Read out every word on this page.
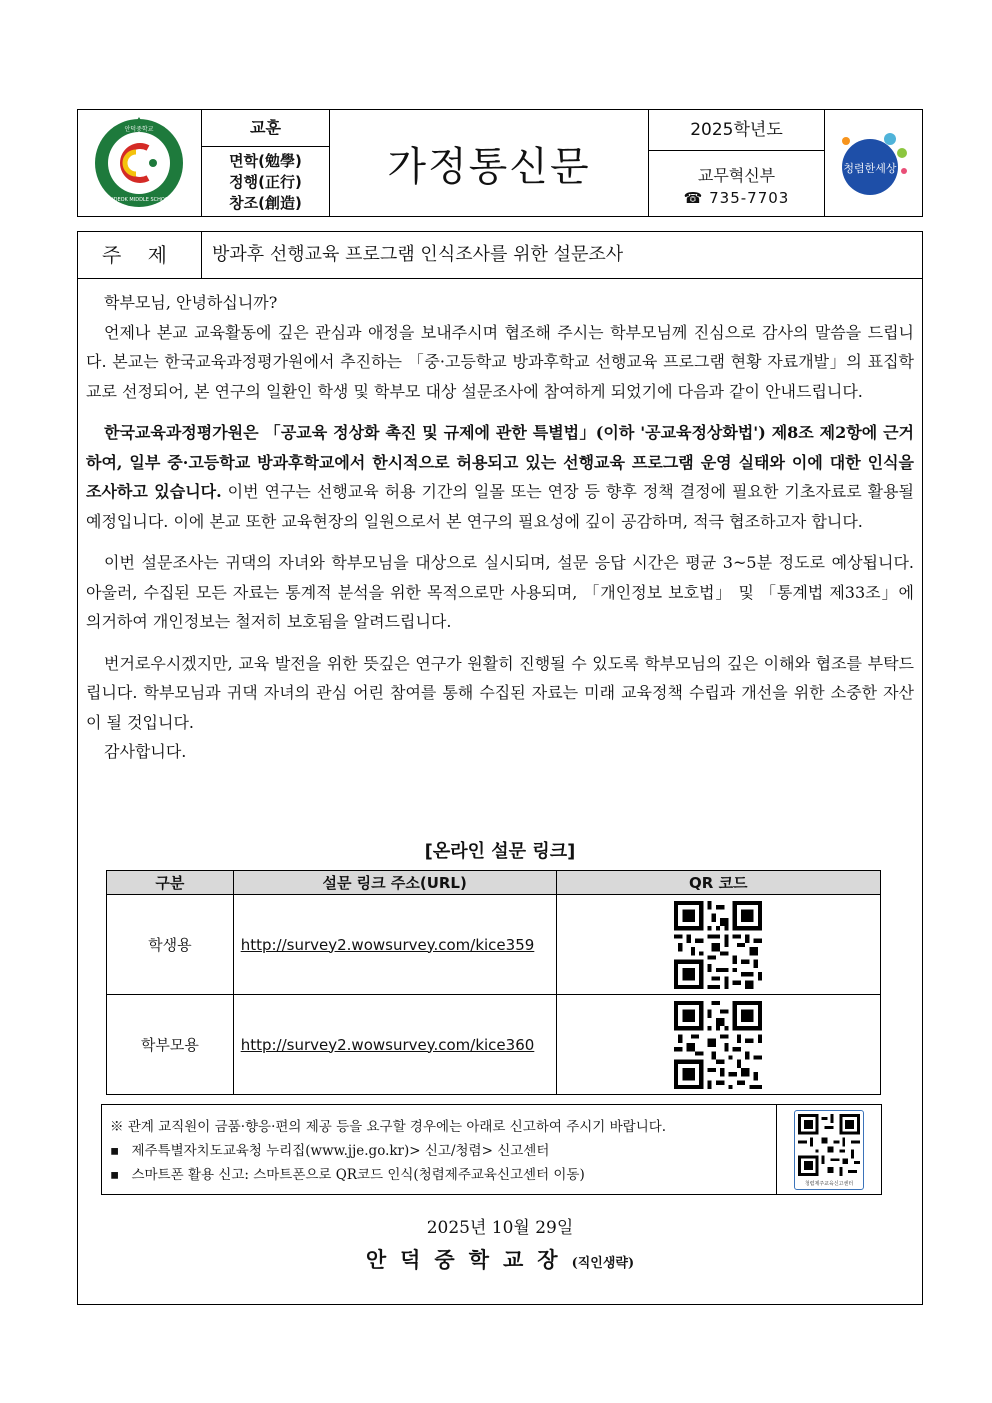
안덕중학교
ANDEOK MIDDLE SCHOOL
교훈
면학(勉學)
정행(正行)
창조(創造)
가정통신문
2025학년도
교무혁신부
☎ 735-7703
청렴한세상
주 제	방과후 선행교육 프로그램 인식조사를 위한 설문조사

학부모님, 안녕하십니까?

언제나 본교 교육활동에 깊은 관심과 애정을 보내주시며 협조해 주시는 학부모님께 진심으로 감사의 말씀을 드립니다. 본교는 한국교육과정평가원에서 추진하는 「중·고등학교 방과후학교 선행교육 프로그램 현황 자료개발」의 표집학교로 선정되어, 본 연구의 일환인 학생 및 학부모 대상 설문조사에 참여하게 되었기에 다음과 같이 안내드립니다.

한국교육과정평가원은 「공교육 정상화 촉진 및 규제에 관한 특별법」(이하 '공교육정상화법') 제8조 제2항에 근거하여, 일부 중·고등학교 방과후학교에서 한시적으로 허용되고 있는 선행교육 프로그램 운영 실태와 이에 대한 인식을 조사하고 있습니다. 이번 연구는 선행교육 허용 기간의 일몰 또는 연장 등 향후 정책 결정에 필요한 기초자료로 활용될 예정입니다. 이에 본교 또한 교육현장의 일원으로서 본 연구의 필요성에 깊이 공감하며, 적극 협조하고자 합니다.

이번 설문조사는 귀댁의 자녀와 학부모님을 대상으로 실시되며, 설문 응답 시간은 평균 3~5분 정도로 예상됩니다. 아울러, 수집된 모든 자료는 통계적 분석을 위한 목적으로만 사용되며, 「개인정보 보호법」 및 「통계법 제33조」에 의거하여 개인정보는 철저히 보호됨을 알려드립니다.

번거로우시겠지만, 교육 발전을 위한 뜻깊은 연구가 원활히 진행될 수 있도록 학부모님의 깊은 이해와 협조를 부탁드립니다. 학부모님과 귀댁 자녀의 관심 어린 참여를 통해 수집된 자료는 미래 교육정책 수립과 개선을 위한 소중한 자산이 될 것입니다.

감사합니다.

[온라인 설문 링크]
구분	설문 링크 주소(URL)	QR 코드
학생용	http://survey2.wowsurvey.com/kice359	

학부모용	http://survey2.wowsurvey.com/kice360	
※ 관계 교직원이 금품·향응·편의 제공 등을 요구할 경우에는 아래로 신고하여 주시기 바랍니다.
▪ 제주특별자치도교육청 누리집(www.jje.go.kr)> 신고/청렴> 신고센터
▪ 스마트폰 활용 신고: 스마트폰으로 QR코드 인식(청렴제주교육신고센터 이동)
청렴제주교육신고센터
2025년 10월 29일
안덕중학교장(직인생략)
